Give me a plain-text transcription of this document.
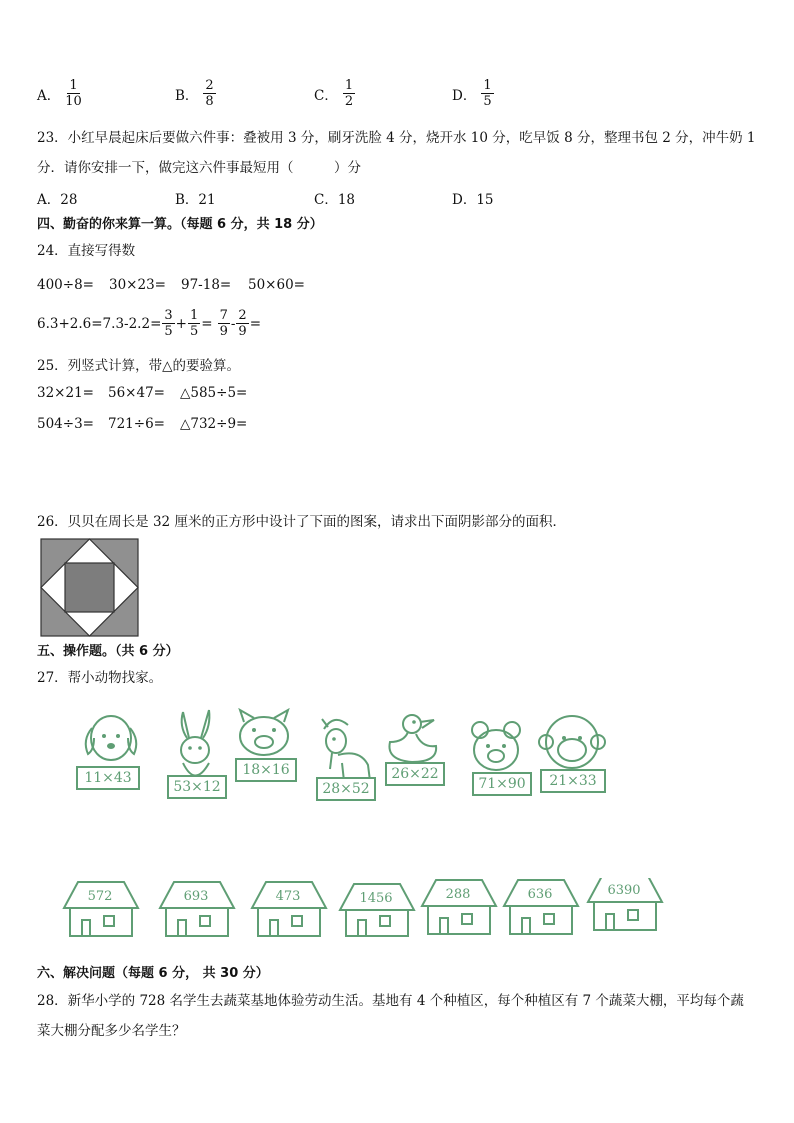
A． $\frac{1}{10}$	B． $\frac{2}{8}$	C． $\frac{1}{2}$	D． $\frac{1}{5}$
23．小红早晨起床后要做六件事：叠被用 3 分，刷牙洗脸 4 分，烧开水 10 分，吃早饭 8 分，整理书包 2 分，冲牛奶 1
分．请你安排一下，做完这六件事最短用（　　　）分
A．28	B．21	C．18	D．15
四、勤奋的你来算一算。（每题 6 分，共 18 分）
24．直接写得数
400÷8= 30×23= 97-18= 50×60=
$6.3+2.6=7.3-2.2= \frac{3}{5} + \frac{1}{5} = \frac{7}{9} - \frac{2}{9}$ =
25．列竖式计算，带△的要验算。
32×21= 56×47= △585÷5=
504÷3= 721÷6= △732÷9=
26．贝贝在周长是 32 厘米的正方形中设计了下面的图案，请求出下面阴影部分的面积．
五、操作题。（共 6 分）
27．帮小动物找家。
11×43
53×12
18×16
28×52
26×22
71×90	21×33
572	693	473	1456	288	636	6390
六、解决问题（每题 6 分， 共 30 分）
28．新华小学的 728 名学生去蔬菜基地体验劳动生活。基地有 4 个种植区，每个种植区有 7 个蔬菜大棚，平均每个蔬
菜大棚分配多少名学生？
